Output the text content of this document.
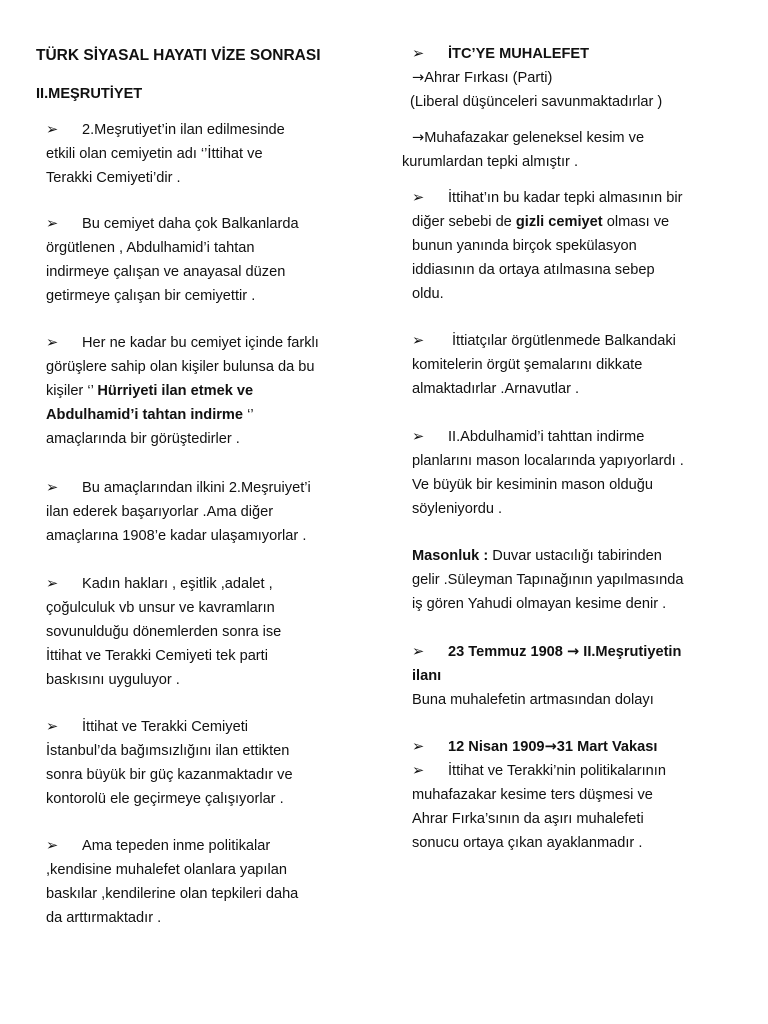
TÜRK SİYASAL HAYATI VİZE SONRASI
II.MEŞRUTİYET
➢ 2.Meşrutiyet’in ilan edilmesinde
etkili olan cemiyetin adı ‘’İttihat ve
Terakki Cemiyeti’dir .
➢ Bu cemiyet daha çok Balkanlarda
örgütlenen , Abdulhamid’i tahtan
indirmeye çalışan ve anayasal düzen
getirmeye çalışan bir cemiyettir .
➢ Her ne kadar bu cemiyet içinde farklı
görüşlere sahip olan kişiler bulunsa da bu
kişiler ‘’ Hürriyeti ilan etmek ve
Abdulhamid’i tahtan indirme ‘’
amaçlarında bir görüştedirler .
➢ Bu amaçlarından ilkini 2.Meşruiyet’i
ilan ederek başarıyorlar .Ama diğer
amaçlarına 1908’e kadar ulaşamıyorlar .
➢ Kadın hakları , eşitlik ,adalet ,
çoğulculuk vb unsur ve kavramların
sovunulduğu dönemlerden sonra ise
İttihat ve Terakki Cemiyeti tek parti
baskısını uyguluyor .
➢ İttihat ve Terakki Cemiyeti
İstanbul’da bağımsızlığını ilan ettikten
sonra büyük bir güç kazanmaktadır ve
kontorolü ele geçirmeye çalışıyorlar .
➢ Ama tepeden inme politikalar
,kendisine muhalefet olanlara yapılan
baskılar ,kendilerine olan tepkileri daha
da arttırmaktadır .
➢ İTC’YE MUHALEFET
→Ahrar Fırkası (Parti)
(Liberal düşünceleri savunmaktadırlar )
→Muhafazakar geleneksel kesim ve
kurumlardan tepki almıştır .
➢ İttihat’ın bu kadar tepki almasının bir
diğer sebebi de gizli cemiyet olması ve
bunun yanında birçok spekülasyon
iddiasının da ortaya atılmasına sebep
oldu.
➢ İttiatçılar örgütlenmede Balkandaki
komitelerin örgüt şemalarını dikkate
almaktadırlar .Arnavutlar .
➢ II.Abdulhamid’i tahttan indirme
planlarını mason localarında yapıyorlardı .
Ve büyük bir kesiminin mason olduğu
söyleniyordu .
Masonluk : Duvar ustacılığı tabirinden
gelir .Süleyman Tapınağının yapılmasında
iş gören Yahudi olmayan kesime denir .
➢ 23 Temmuz 1908 → II.Meşrutiyetin
ilanı
Buna muhalefetin artmasından dolayı
➢ 12 Nisan 1909→31 Mart Vakası
➢ İttihat ve Terakki’nin politikalarının
muhafazakar kesime ters düşmesi ve
Ahrar Fırka’sının da aşırı muhalefeti
sonucu ortaya çıkan ayaklanmadır .
